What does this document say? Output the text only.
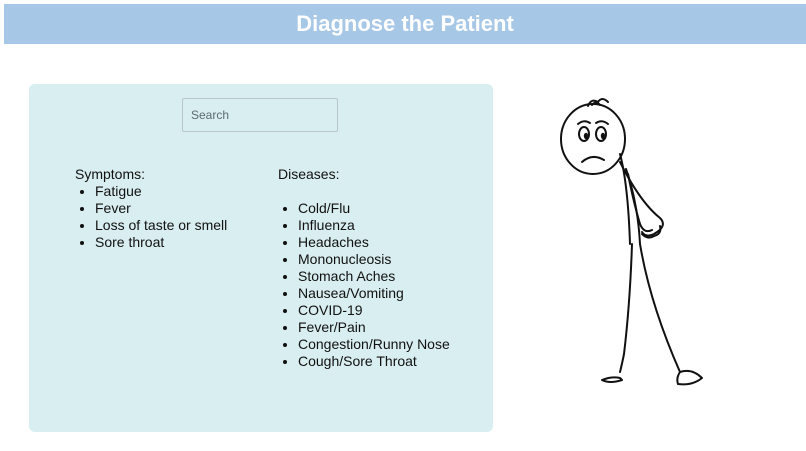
Diagnose the Patient
Search
Symptoms:
• Fatigue
• Fever
• Loss of taste or smell
• Sore throat
Diseases:
• Cold/Flu
• Influenza
• Headaches
• Mononucleosis
• Stomach Aches
• Nausea/Vomiting
• COVID-19
• Fever/Pain
• Congestion/Runny Nose
• Cough/Sore Throat
